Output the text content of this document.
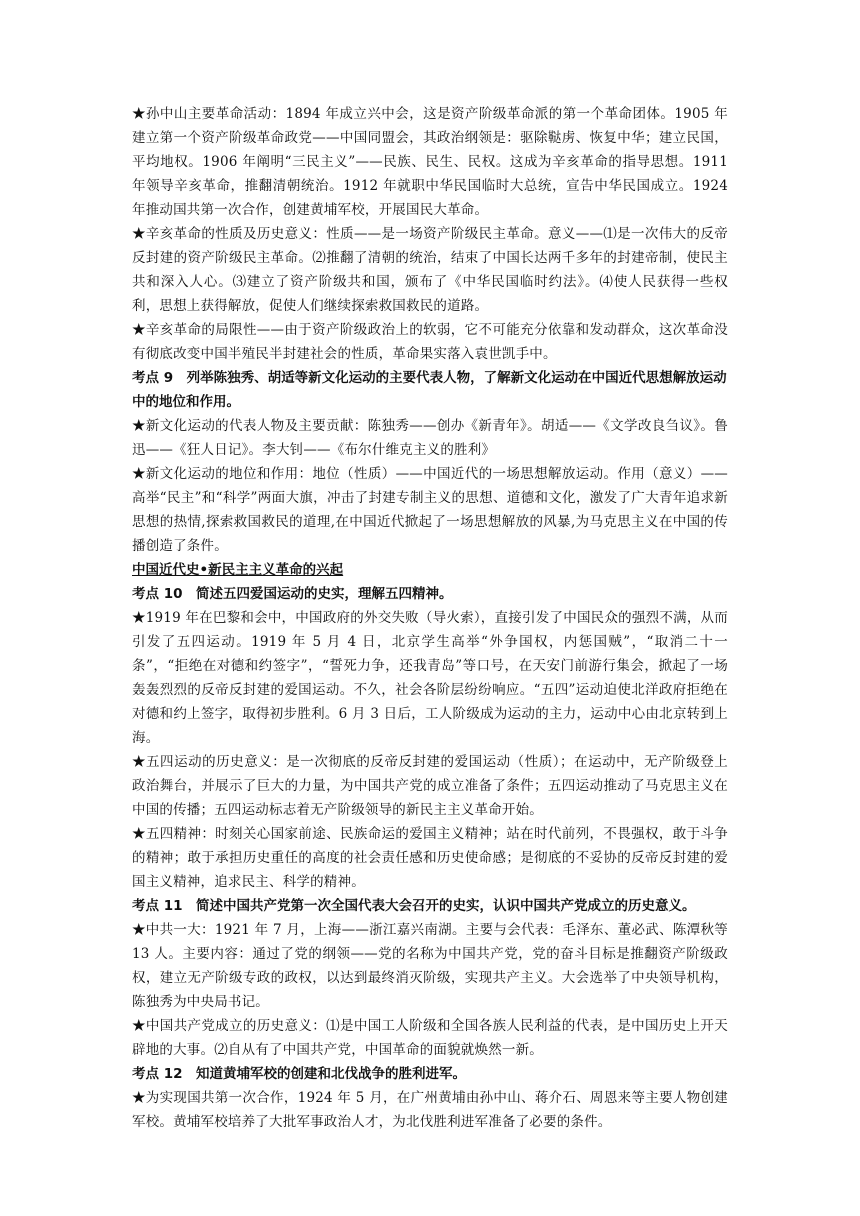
★孙中山主要革命活动：1894 年成立兴中会，这是资产阶级革命派的第一个革命团体。1905 年建立第一个资产阶级革命政党——中国同盟会，其政治纲领是：驱除鞑虏、恢复中华；建立民国，平均地权。1906 年阐明“三民主义”——民族、民生、民权。这成为辛亥革命的指导思想。1911 年领导辛亥革命，推翻清朝统治。1912 年就职中华民国临时大总统，宣告中华民国成立。1924 年推动国共第一次合作，创建黄埔军校，开展国民大革命。

★辛亥革命的性质及历史意义：性质——是一场资产阶级民主革命。意义——⑴是一次伟大的反帝反封建的资产阶级民主革命。⑵推翻了清朝的统治，结束了中国长达两千多年的封建帝制，使民主共和深入人心。⑶建立了资产阶级共和国，颁布了《中华民国临时约法》。⑷使人民获得一些权利，思想上获得解放，促使人们继续探索救国救民的道路。

★辛亥革命的局限性——由于资产阶级政治上的软弱，它不可能充分依靠和发动群众，这次革命没有彻底改变中国半殖民半封建社会的性质，革命果实落入袁世凯手中。

考点 9　列举陈独秀、胡适等新文化运动的主要代表人物，了解新文化运动在中国近代思想解放运动中的地位和作用。

★新文化运动的代表人物及主要贡献：陈独秀——创办《新青年》。胡适——《文学改良刍议》。鲁迅——《狂人日记》。李大钊——《布尔什维克主义的胜利》

★新文化运动的地位和作用：地位（性质）——中国近代的一场思想解放运动。作用（意义）——高举“民主”和“科学”两面大旗，冲击了封建专制主义的思想、道德和文化，激发了广大青年追求新思想的热情,探索救国救民的道理,在中国近代掀起了一场思想解放的风暴,为马克思主义在中国的传播创造了条件。

中国近代史•新民主主义革命的兴起

考点 10　简述五四爱国运动的史实，理解五四精神。

★1919 年在巴黎和会中，中国政府的外交失败（导火索），直接引发了中国民众的强烈不满，从而引发了五四运动。1919 年 5 月 4 日，北京学生高举“外争国权，内惩国贼”，“取消二十一条”，“拒绝在对德和约签字”，“誓死力争，还我青岛”等口号，在天安门前游行集会，掀起了一场轰轰烈烈的反帝反封建的爱国运动。不久，社会各阶层纷纷响应。“五四”运动迫使北洋政府拒绝在对德和约上签字，取得初步胜利。6 月 3 日后，工人阶级成为运动的主力，运动中心由北京转到上海。

★五四运动的历史意义：是一次彻底的反帝反封建的爱国运动（性质）；在运动中，无产阶级登上政治舞台，并展示了巨大的力量，为中国共产党的成立准备了条件；五四运动推动了马克思主义在中国的传播；五四运动标志着无产阶级领导的新民主主义革命开始。

★五四精神：时刻关心国家前途、民族命运的爱国主义精神；站在时代前列，不畏强权，敢于斗争的精神；敢于承担历史重任的高度的社会责任感和历史使命感；是彻底的不妥协的反帝反封建的爱国主义精神，追求民主、科学的精神。

考点 11　简述中国共产党第一次全国代表大会召开的史实，认识中国共产党成立的历史意义。

★中共一大：1921 年 7 月，上海——浙江嘉兴南湖。主要与会代表：毛泽东、董必武、陈潭秋等 13 人。主要内容：通过了党的纲领——党的名称为中国共产党，党的奋斗目标是推翻资产阶级政权，建立无产阶级专政的政权，以达到最终消灭阶级，实现共产主义。大会选举了中央领导机构，陈独秀为中央局书记。

★中国共产党成立的历史意义：⑴是中国工人阶级和全国各族人民利益的代表，是中国历史上开天辟地的大事。⑵自从有了中国共产党，中国革命的面貌就焕然一新。

考点 12　知道黄埔军校的创建和北伐战争的胜利进军。

★为实现国共第一次合作，1924 年 5 月，在广州黄埔由孙中山、蒋介石、周恩来等主要人物创建军校。黄埔军校培养了大批军事政治人才，为北伐胜利进军准备了必要的条件。
